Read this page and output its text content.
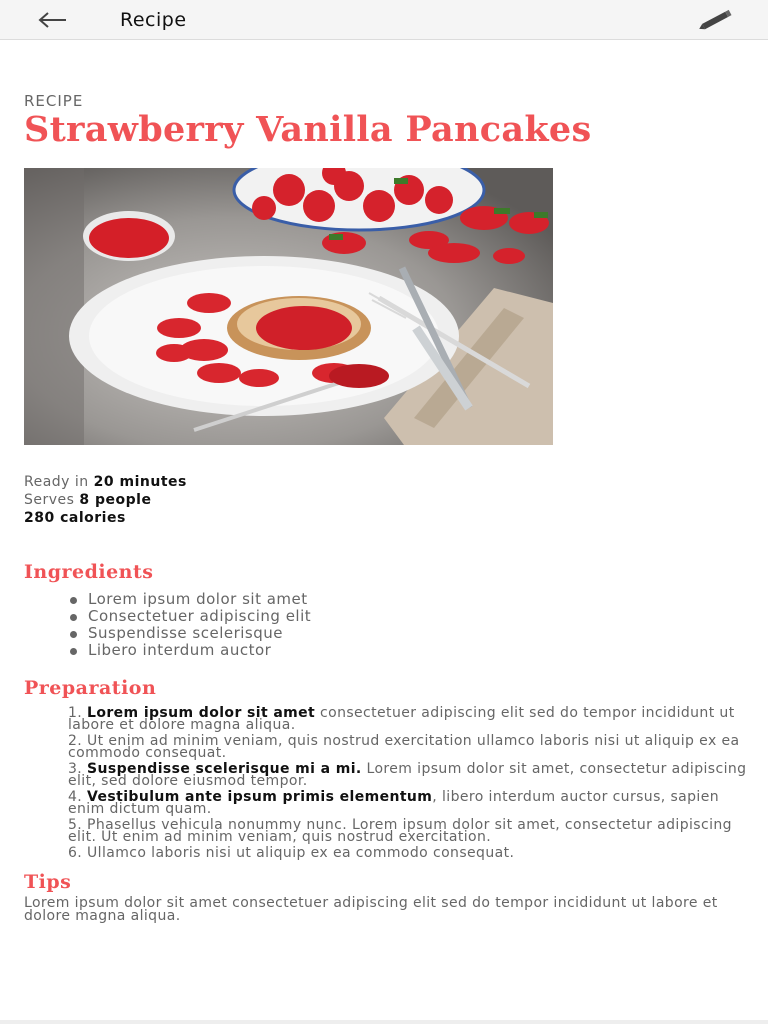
Recipe

RECIPE

Strawberry Vanilla Pancakes
Ready in 20 minutes
Serves 8 people
280 calories
Ingredients
Lorem ipsum dolor sit amet
Consectetuer adipiscing elit
Suspendisse scelerisque
Libero interdum auctor
Preparation
1. Lorem ipsum dolor sit amet consectetuer adipiscing elit sed do tempor incididunt ut labore et dolore magna aliqua.
2. Ut enim ad minim veniam, quis nostrud exercitation ullamco laboris nisi ut aliquip ex ea commodo consequat.
3. Suspendisse scelerisque mi a mi. Lorem ipsum dolor sit amet, consectetur adipiscing elit, sed dolore eiusmod tempor.
4. Vestibulum ante ipsum primis elementum, libero interdum auctor cursus, sapien enim dictum quam.
5. Phasellus vehicula nonummy nunc. Lorem ipsum dolor sit amet, consectetur adipiscing elit. Ut enim ad minim veniam, quis nostrud exercitation.
6. Ullamco laboris nisi ut aliquip ex ea commodo consequat.
Tips

Lorem ipsum dolor sit amet consectetuer adipiscing elit sed do tempor incididunt ut labore et dolore magna aliqua.
